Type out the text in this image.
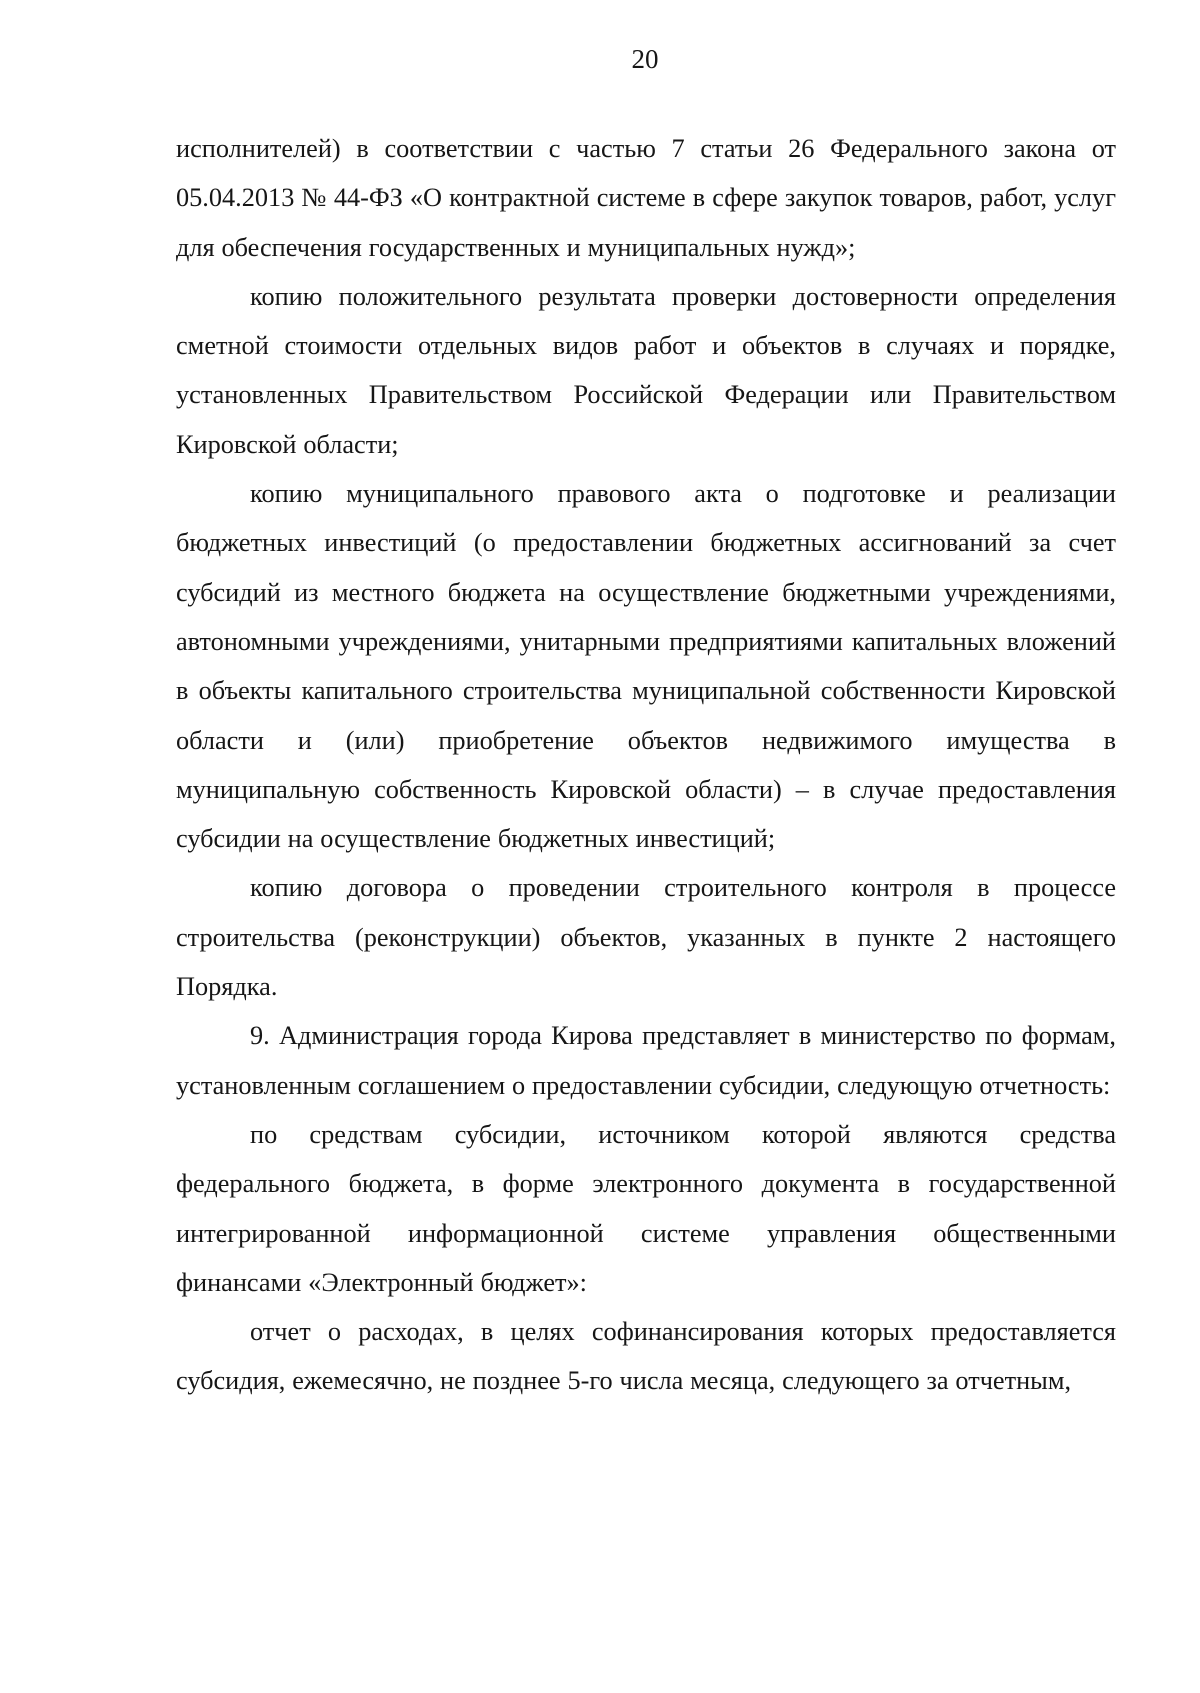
20

исполнителей) в соответствии с частью 7 статьи 26 Федерального закона от 05.04.2013 № 44-ФЗ «О контрактной системе в сфере закупок товаров, работ, услуг для обеспечения государственных и муниципальных нужд»;

копию положительного результата проверки достоверности определения сметной стоимости отдельных видов работ и объектов в случаях и порядке, установленных Правительством Российской Федерации или Правительством Кировской области;

копию муниципального правового акта о подготовке и реализации бюджетных инвестиций (о предоставлении бюджетных ассигнований за счет субсидий из местного бюджета на осуществление бюджетными учреждениями, автономными учреждениями, унитарными предприятиями капитальных вложений в объекты капитального строительства муниципальной собственности Кировской области и (или) приобретение объектов недвижимого имущества в муниципальную собственность Кировской области) – в случае предоставления субсидии на осуществление бюджетных инвестиций;

копию договора о проведении строительного контроля в процессе строительства (реконструкции) объектов, указанных в пункте 2 настоящего Порядка.

9. Администрация города Кирова представляет в министерство по формам, установленным соглашением о предоставлении субсидии, следующую отчетность:

по средствам субсидии, источником которой являются средства федерального бюджета, в форме электронного документа в государственной интегрированной информационной системе управления общественными финансами «Электронный бюджет»:

отчет о расходах, в целях софинансирования которых предоставляется субсидия, ежемесячно, не позднее 5-го числа месяца, следующего за отчетным,
